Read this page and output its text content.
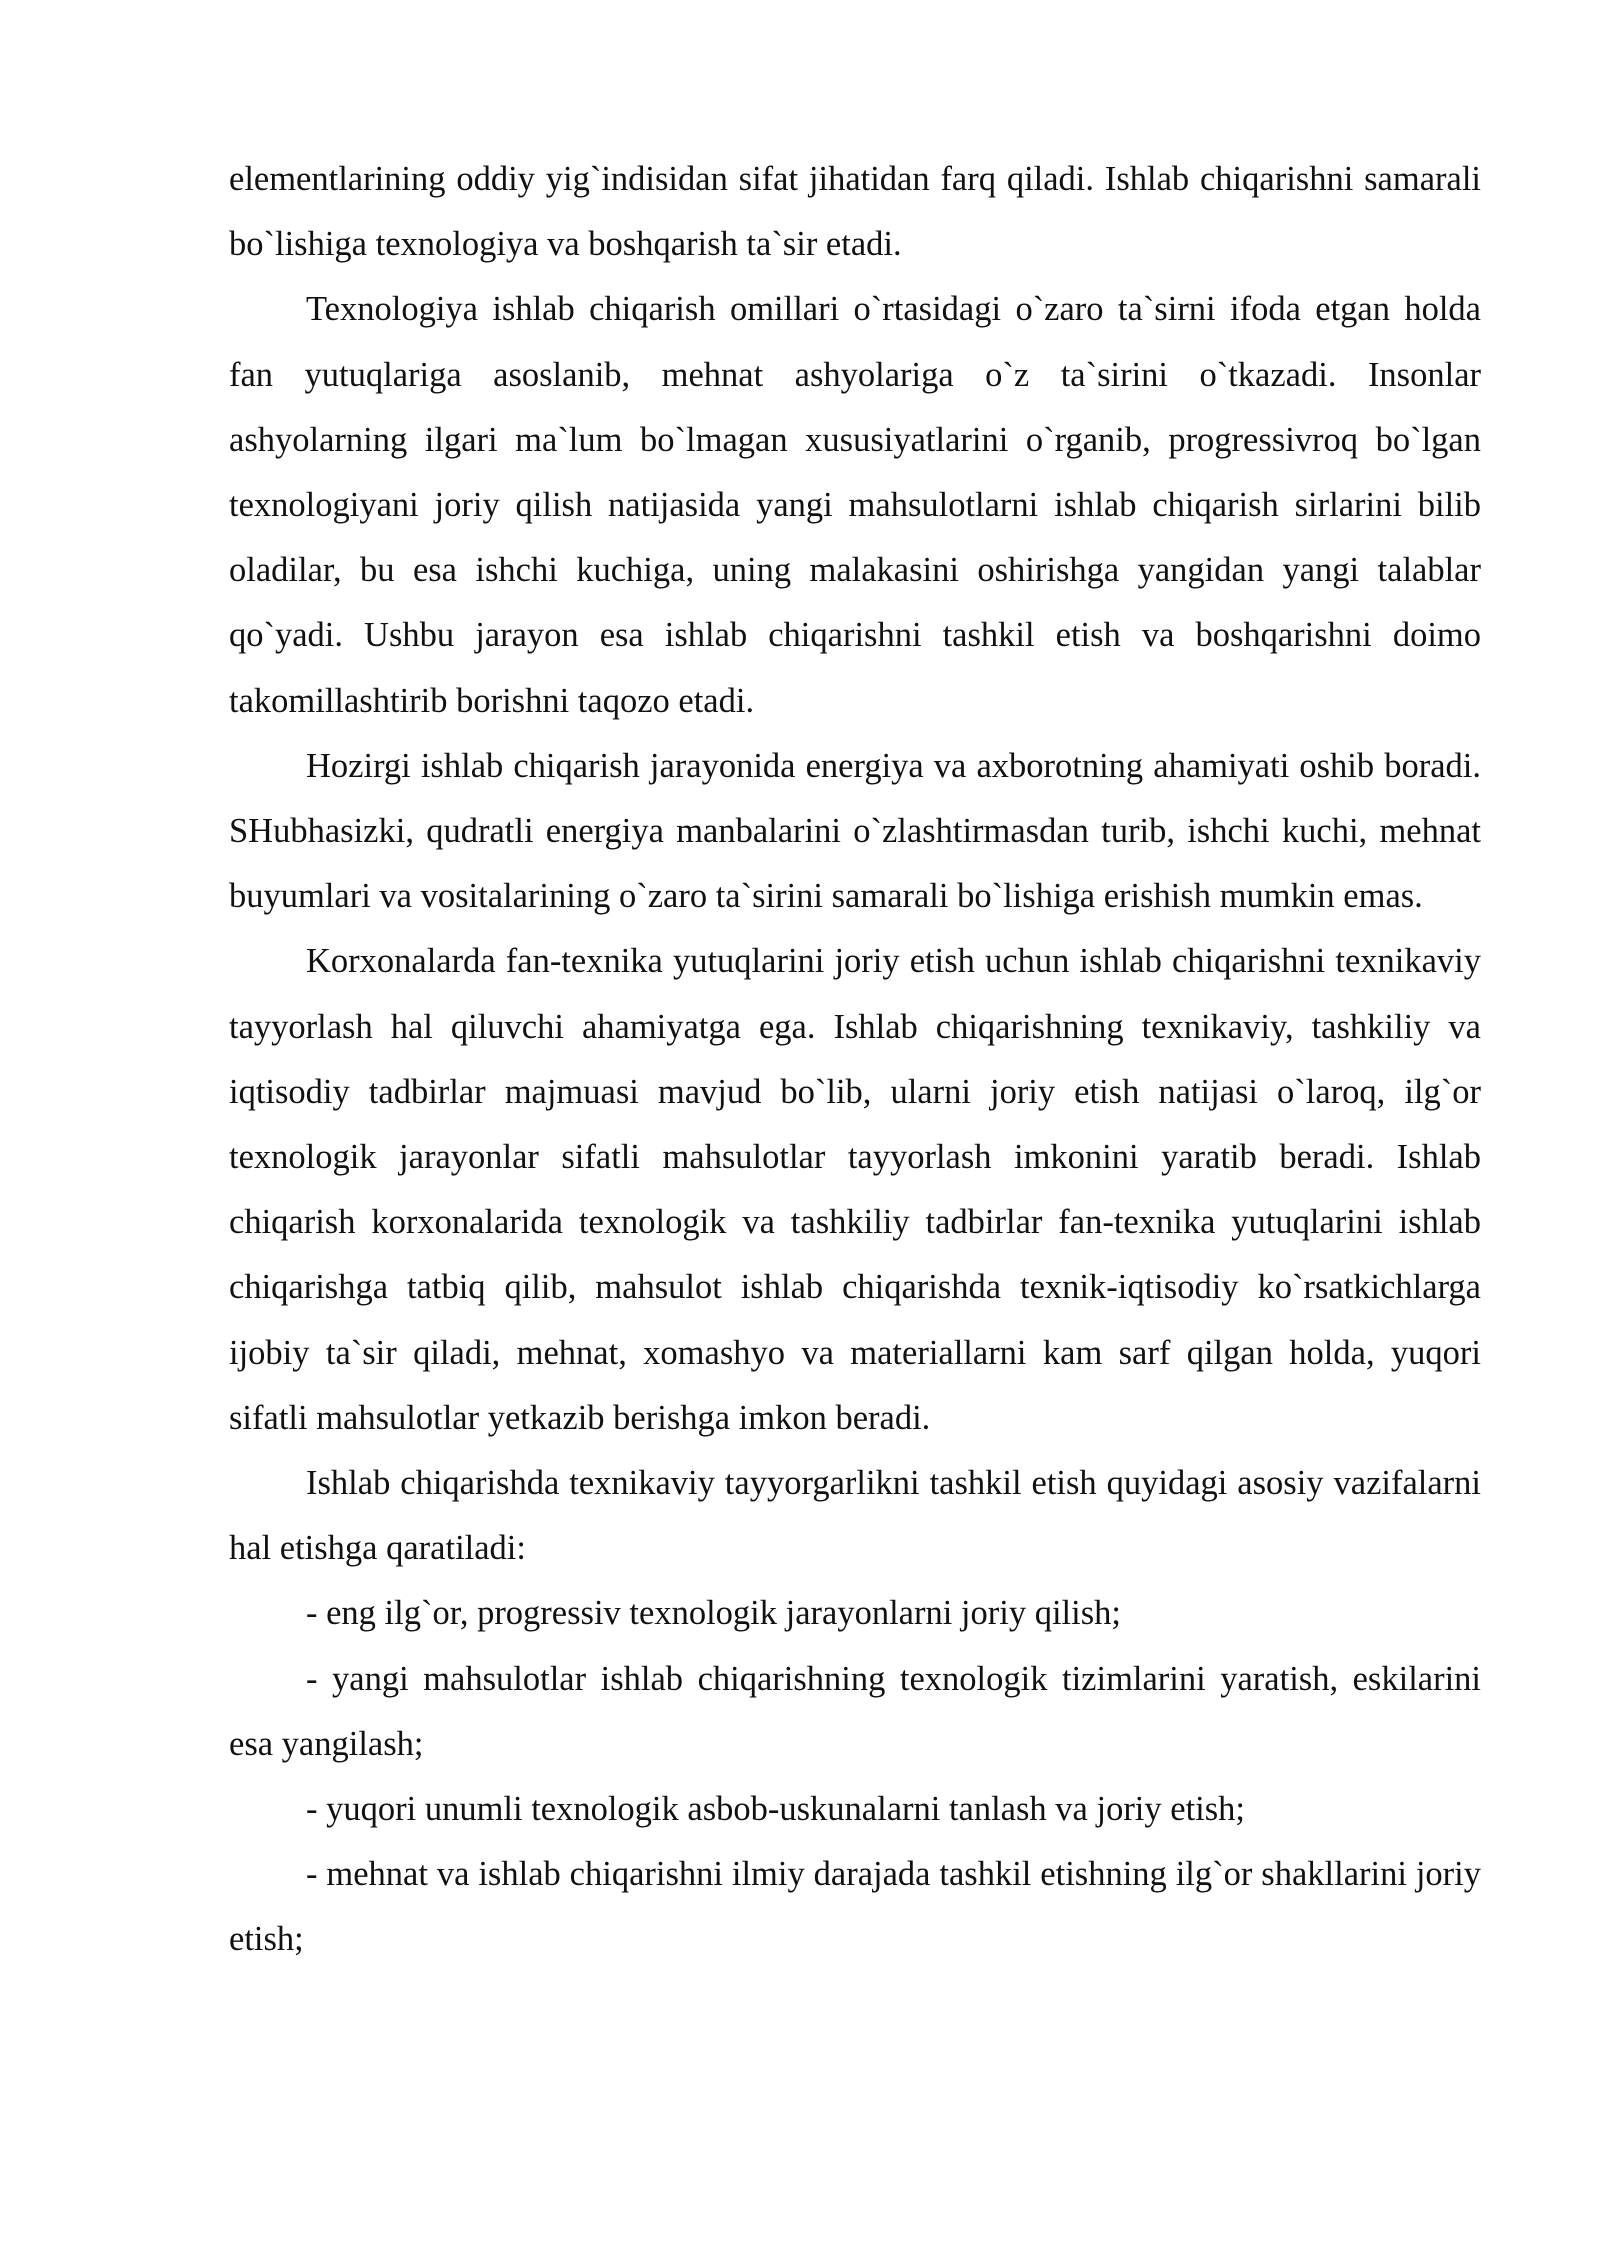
elementlarining oddiy yig`indisidan sifat jihatidan farq qiladi. Ishlab chiqarishni samarali bo`lishiga texnologiya va boshqarish ta`sir etadi.

Texnologiya ishlab chiqarish omillari o`rtasidagi o`zaro ta`sirni ifoda etgan holda fan yutuqlariga asoslanib, mehnat ashyolariga o`z ta`sirini o`tkazadi. Insonlar ashyolarning ilgari ma`lum bo`lmagan xususiyatlarini o`rganib, progressivroq bo`lgan texnologiyani joriy qilish natijasida yangi mahsulotlarni ishlab chiqarish sirlarini bilib oladilar, bu esa ishchi kuchiga, uning malakasini oshirishga yangidan yangi talablar qo`yadi. Ushbu jarayon esa ishlab chiqarishni tashkil etish va boshqarishni doimo takomillashtirib borishni taqozo etadi.

Hozirgi ishlab chiqarish jarayonida energiya va axborotning ahamiyati oshib boradi. SHubhasizki, qudratli energiya manbalarini o`zlashtirmasdan turib, ishchi kuchi, mehnat buyumlari va vositalarining o`zaro ta`sirini samarali bo`lishiga erishish mumkin emas.

Korxonalarda fan-texnika yutuqlarini joriy etish uchun ishlab chiqarishni texnikaviy tayyorlash hal qiluvchi ahamiyatga ega. Ishlab chiqarishning texnikaviy, tashkiliy va iqtisodiy tadbirlar majmuasi mavjud bo`lib, ularni joriy etish natijasi o`laroq, ilg`or texnologik jarayonlar sifatli mahsulotlar tayyorlash imkonini yaratib beradi. Ishlab chiqarish korxonalarida texnologik va tashkiliy tadbirlar fan-texnika yutuqlarini ishlab chiqarishga tatbiq qilib, mahsulot ishlab chiqarishda texnik-iqtisodiy ko`rsatkichlarga ijobiy ta`sir qiladi, mehnat, xomashyo va materiallarni kam sarf qilgan holda, yuqori sifatli mahsulotlar yetkazib berishga imkon beradi.

Ishlab chiqarishda texnikaviy tayyorgarlikni tashkil etish quyidagi asosiy vazifalarni hal etishga qaratiladi:

- eng ilg`or, progressiv texnologik jarayonlarni joriy qilish;

- yangi mahsulotlar ishlab chiqarishning texnologik tizimlarini yaratish, eskilarini esa yangilash;

- yuqori unumli texnologik asbob-uskunalarni tanlash va joriy etish;

- mehnat va ishlab chiqarishni ilmiy darajada tashkil etishning ilg`or shakllarini joriy etish;
